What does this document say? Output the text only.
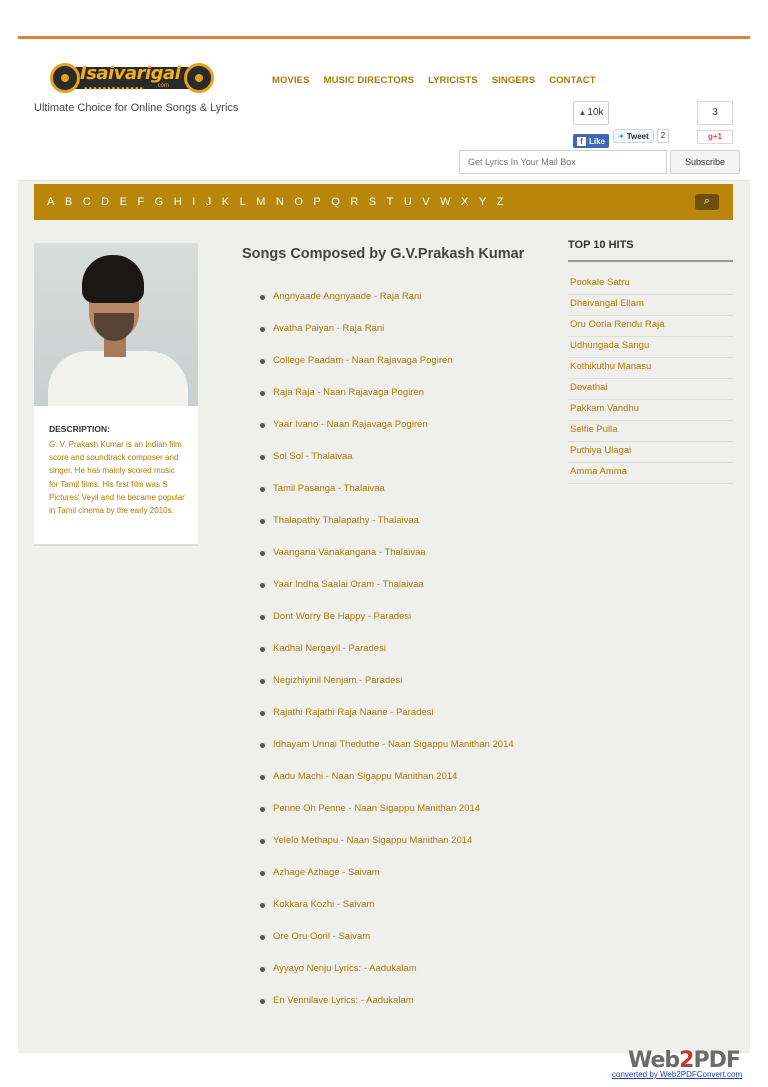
Isaivarigal
.com
●●●●●●●●●●●●●
Ultimate Choice for Online Songs & Lyrics
MOVIES MUSIC DIRECTORS LYRICISTS SINGERS CONTACT
▲10k
f Like
✦ Tweet	2
3
g+1
Get Lyrics In Your Mail Box
Subscribe
A B C D E F G H I J K L M N O P Q R S T U V W X Y Z	⌕
DESCRIPTION:
G. V. Prakash Kumar is an Indian film score and soundtrack composer and singer. He has mainly scored music for Tamil films. His first film was S Pictures' Veyil and he became popular in Tamil cinema by the early 2010s.
Songs Composed by G.V.Prakash Kumar
Angnyaade Angnyaade - Raja Rani
Avatha Paiyan - Raja Rani
College Paadam - Naan Rajavaga Pogiren
Raja Raja - Naan Rajavaga Pogiren
Yaar Ivano - Naan Rajavaga Pogiren
Sol Sol - Thalaivaa
Tamil Pasanga - Thalaivaa
Thalapathy Thalapathy - Thalaivaa
Vaangana Vanakangana - Thalaivaa
Yaar Indha Saalai Oram - Thalaivaa
Dont Worry Be Happy - Paradesi
Kadhal Nergayil - Paradesi
Negizhiyinil Nenjam - Paradesi
Rajathi Rajathi Raja Naane - Paradesi
Idhayam Unnai Theduthe - Naan Sigappu Manithan 2014
Aadu Machi - Naan Sigappu Manithan 2014
Penne Oh Penne - Naan Sigappu Manithan 2014
Yelelo Methapu - Naan Sigappu Manithan 2014
Azhage Azhage - Saivam
Kokkara Kozhi - Saivam
Ore Oru Ooril - Saivam
Ayyayo Nenju Lyrics: - Aadukalam
En Vennilave Lyrics: - Aadukalam
TOP 10 HITS
Pookale Satru
Dheivangal Ellam
Oru Oorla Rendu Raja
Udhungada Sangu
Kothikuthu Manasu
Devathai
Pakkam Vandhu
Selfie Pulla
Puthiya Ulagai
Amma Amma
Web2PDF
converted by Web2PDFConvert.com
